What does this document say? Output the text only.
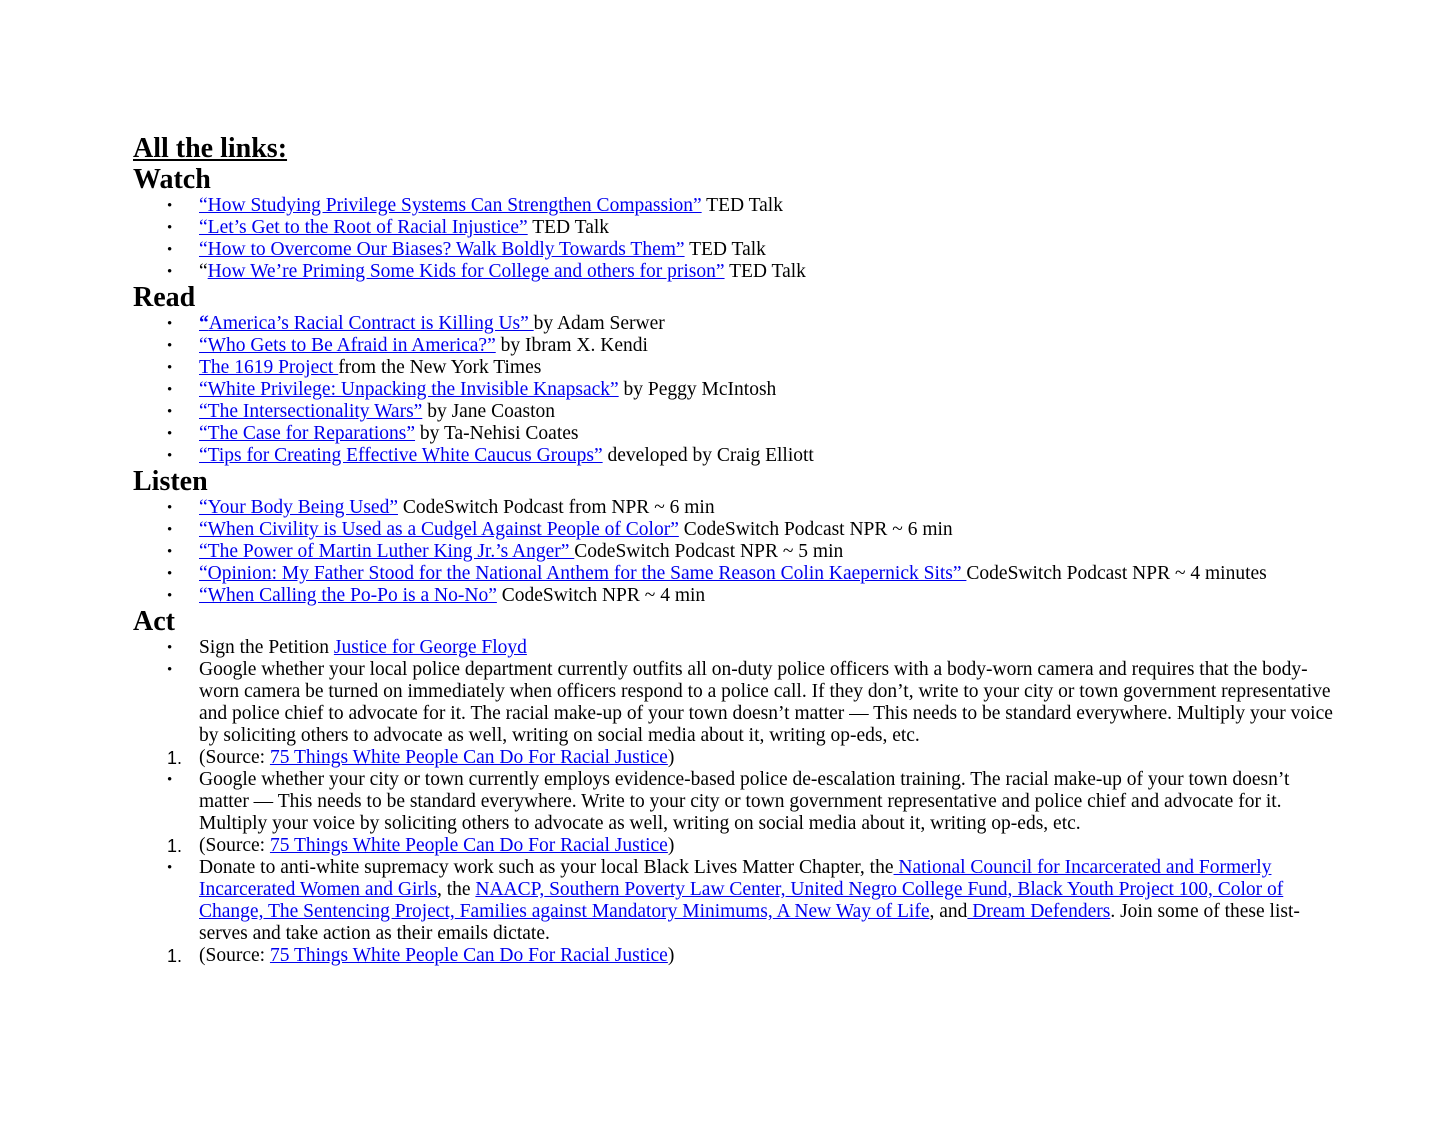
All the links:
Watch
• “How Studying Privilege Systems Can Strengthen Compassion” TED Talk
• “Let’s Get to the Root of Racial Injustice” TED Talk
• “How to Overcome Our Biases? Walk Boldly Towards Them” TED Talk
• “How We’re Priming Some Kids for College and others for prison” TED Talk
Read
• “America’s Racial Contract is Killing Us” by Adam Serwer
• “Who Gets to Be Afraid in America?” by Ibram X. Kendi
• The 1619 Project from the New York Times
• “White Privilege: Unpacking the Invisible Knapsack” by Peggy McIntosh
• “The Intersectionality Wars” by Jane Coaston
• “The Case for Reparations” by Ta-Nehisi Coates
• “Tips for Creating Effective White Caucus Groups” developed by Craig Elliott
Listen
• “Your Body Being Used” CodeSwitch Podcast from NPR ~ 6 min
• “When Civility is Used as a Cudgel Against People of Color” CodeSwitch Podcast NPR ~ 6 min
• “The Power of Martin Luther King Jr.’s Anger” CodeSwitch Podcast NPR ~ 5 min
• “Opinion: My Father Stood for the National Anthem for the Same Reason Colin Kaepernick Sits” CodeSwitch Podcast NPR ~ 4 minutes
• “When Calling the Po-Po is a No-No” CodeSwitch NPR ~ 4 min
Act
• Sign the Petition Justice for George Floyd
• Google whether your local police department currently outfits all on-duty police officers with a body-worn camera and requires that the body-worn camera be turned on immediately when officers respond to a police call. If they don’t, write to your city or town government representative and police chief to advocate for it. The racial make-up of your town doesn’t matter — This needs to be standard everywhere. Multiply your voice by soliciting others to advocate as well, writing on social media about it, writing op-eds, etc.
1. (Source: 75 Things White People Can Do For Racial Justice)
• Google whether your city or town currently employs evidence-based police de-escalation training. The racial make-up of your town doesn’t matter — This needs to be standard everywhere. Write to your city or town government representative and police chief and advocate for it. Multiply your voice by soliciting others to advocate as well, writing on social media about it, writing op-eds, etc.
1. (Source: 75 Things White People Can Do For Racial Justice)
• Donate to anti-white supremacy work such as your local Black Lives Matter Chapter, the National Council for Incarcerated and Formerly Incarcerated Women and Girls, the NAACP, Southern Poverty Law Center, United Negro College Fund, Black Youth Project 100, Color of Change, The Sentencing Project, Families against Mandatory Minimums, A New Way of Life, and Dream Defenders. Join some of these list-serves and take action as their emails dictate.
1. (Source: 75 Things White People Can Do For Racial Justice)
